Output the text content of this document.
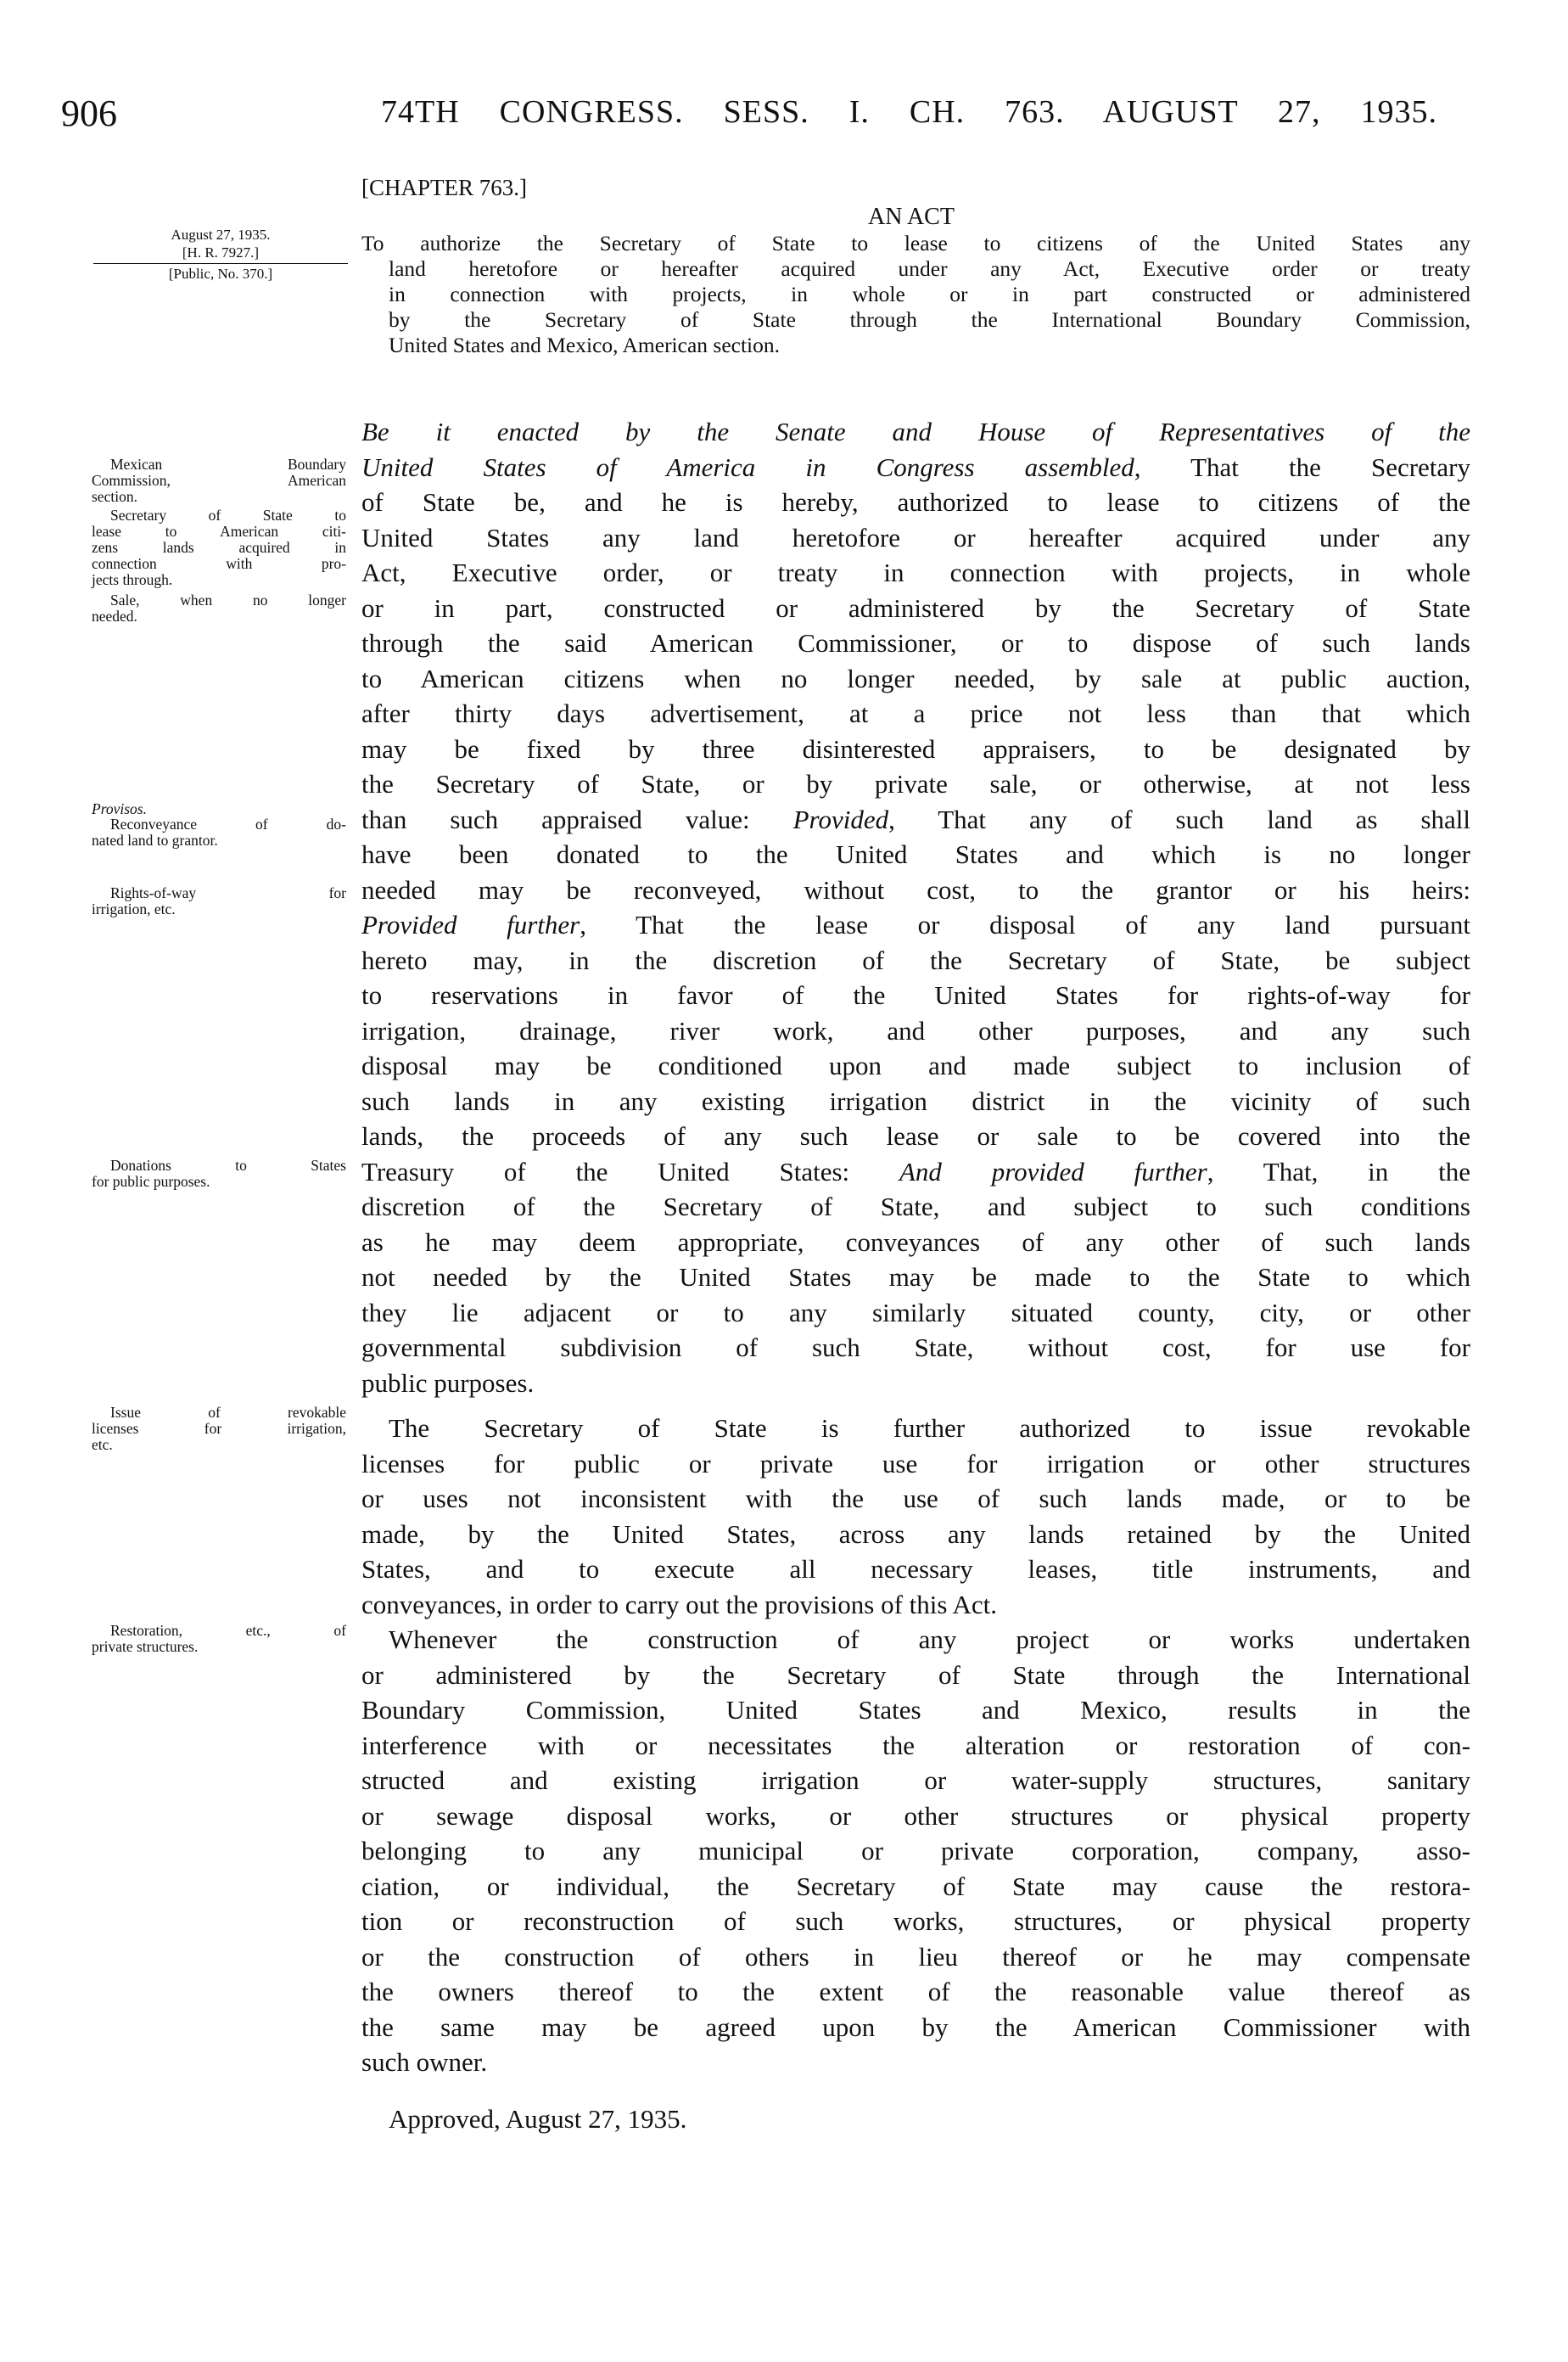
906	74TH CONGRESS. SESS. I. CH. 763. AUGUST 27, 1935.
[CHAPTER 763.]
AN ACT
August 27, 1935.
[H. R. 7927.]
[Public, No. 370.]
To authorize the Secretary of State to lease to citizens of the United States any
land heretofore or hereafter acquired under any Act, Executive order or treaty
in connection with projects, in whole or in part constructed or administered
by the Secretary of State through the International Boundary Commission,
United States and Mexico, American section.
Mexican Boundary
Commission, American
section.
Secretary of State to
lease to American citi-
zens lands acquired in
connection with pro-
jects through.
Sale, when no longer
needed.
Provisos.
Reconveyance of do-
nated land to grantor.
Rights-of-way for
irrigation, etc.
Donations to States
for public purposes.
Issue of revokable
licenses for irrigation,
etc.
Restoration, etc., of
private structures.
Be it enacted by the Senate and House of Representatives of the
United States of America in Congress assembled, That the Secretary
of State be, and he is hereby, authorized to lease to citizens of the
United States any land heretofore or hereafter acquired under any
Act, Executive order, or treaty in connection with projects, in whole
or in part, constructed or administered by the Secretary of State
through the said American Commissioner, or to dispose of such lands
to American citizens when no longer needed, by sale at public auction,
after thirty days advertisement, at a price not less than that which
may be fixed by three disinterested appraisers, to be designated by
the Secretary of State, or by private sale, or otherwise, at not less
than such appraised value: Provided, That any of such land as shall
have been donated to the United States and which is no longer
needed may be reconveyed, without cost, to the grantor or his heirs:
Provided further, That the lease or disposal of any land pursuant
hereto may, in the discretion of the Secretary of State, be subject
to reservations in favor of the United States for rights-of-way for
irrigation, drainage, river work, and other purposes, and any such
disposal may be conditioned upon and made subject to inclusion of
such lands in any existing irrigation district in the vicinity of such
lands, the proceeds of any such lease or sale to be covered into the
Treasury of the United States: And provided further, That, in the
discretion of the Secretary of State, and subject to such conditions
as he may deem appropriate, conveyances of any other of such lands
not needed by the United States may be made to the State to which
they lie adjacent or to any similarly situated county, city, or other
governmental subdivision of such State, without cost, for use for
public purposes.
The Secretary of State is further authorized to issue revokable
licenses for public or private use for irrigation or other structures
or uses not inconsistent with the use of such lands made, or to be
made, by the United States, across any lands retained by the United
States, and to execute all necessary leases, title instruments, and
conveyances, in order to carry out the provisions of this Act.
Whenever the construction of any project or works undertaken
or administered by the Secretary of State through the International
Boundary Commission, United States and Mexico, results in the
interference with or necessitates the alteration or restoration of con-
structed and existing irrigation or water-supply structures, sanitary
or sewage disposal works, or other structures or physical property
belonging to any municipal or private corporation, company, asso-
ciation, or individual, the Secretary of State may cause the restora-
tion or reconstruction of such works, structures, or physical property
or the construction of others in lieu thereof or he may compensate
the owners thereof to the extent of the reasonable value thereof as
the same may be agreed upon by the American Commissioner with
such owner.
Approved, August 27, 1935.
